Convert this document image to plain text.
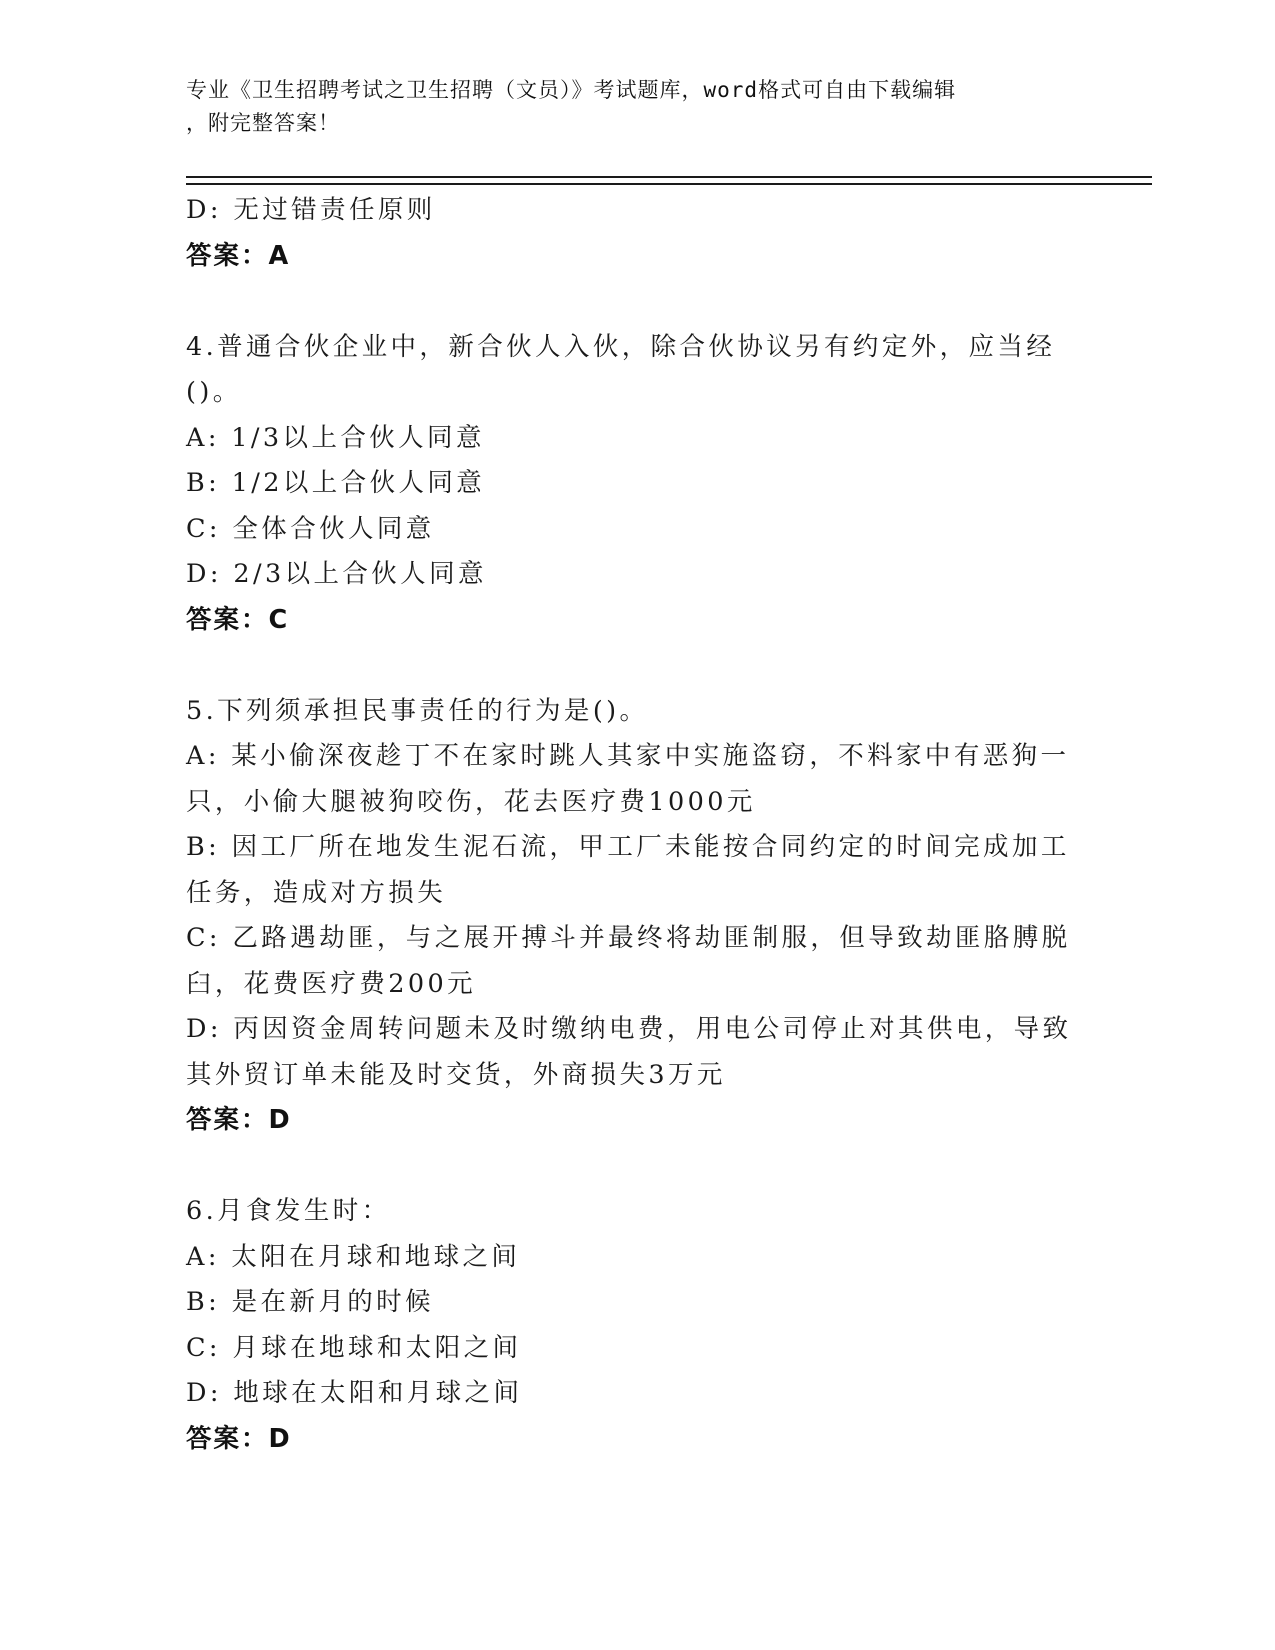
专业《卫生招聘考试之卫生招聘（文员）》考试题库，word格式可自由下载编辑
，附完整答案！
D: 无过错责任原则
答案：A
4.普通合伙企业中，新合伙人入伙，除合伙协议另有约定外，应当经
()。
A: 1/3以上合伙人同意
B: 1/2以上合伙人同意
C: 全体合伙人同意
D: 2/3以上合伙人同意
答案：C
5.下列须承担民事责任的行为是()。
A: 某小偷深夜趁丁不在家时跳人其家中实施盗窃，不料家中有恶狗一
只，小偷大腿被狗咬伤，花去医疗费1000元
B: 因工厂所在地发生泥石流，甲工厂未能按合同约定的时间完成加工
任务，造成对方损失
C: 乙路遇劫匪，与之展开搏斗并最终将劫匪制服，但导致劫匪胳膊脱
臼，花费医疗费200元
D: 丙因资金周转问题未及时缴纳电费，用电公司停止对其供电，导致
其外贸订单未能及时交货，外商损失3万元
答案：D
6.月食发生时：
A: 太阳在月球和地球之间
B: 是在新月的时候
C: 月球在地球和太阳之间
D: 地球在太阳和月球之间
答案：D
